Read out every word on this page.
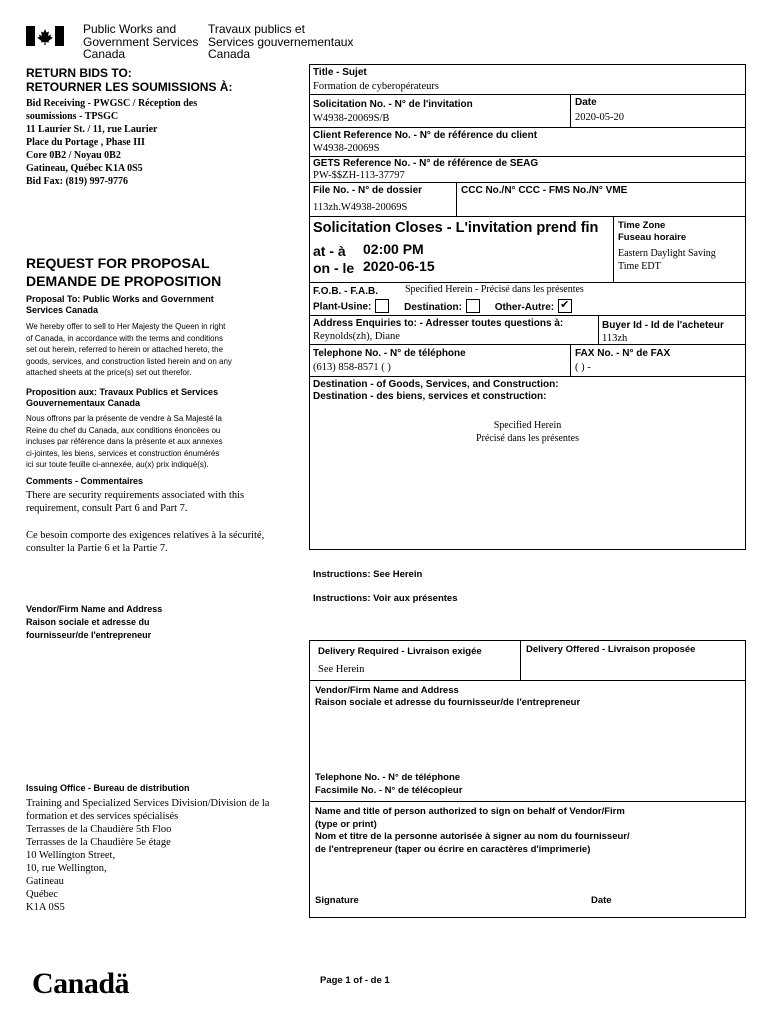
Public Works and
Government Services
Canada
Travaux publics et
Services gouvernementaux
Canada
RETURN BIDS TO:
RETOURNER LES SOUMISSIONS À:
Bid Receiving - PWGSC / Réception des
soumissions - TPSGC
11 Laurier St. / 11, rue Laurier
Place du Portage , Phase III
Core 0B2 / Noyau 0B2
Gatineau, Québec K1A 0S5
Bid Fax: (819) 997-9776
REQUEST FOR PROPOSAL
DEMANDE DE PROPOSITION
Proposal To: Public Works and Government
Services Canada
We hereby offer to sell to Her Majesty the Queen in right
of Canada, in accordance with the terms and conditions
set out herein, referred to herein or attached hereto, the
goods, services, and construction listed herein and on any
attached sheets at the price(s) set out therefor.
Proposition aux: Travaux Publics et Services
Gouvernementaux Canada
Nous offrons par la présente de vendre à Sa Majesté la
Reine du chef du Canada, aux conditions énoncées ou
incluses par référence dans la présente et aux annexes
ci-jointes, les biens, services et construction énumérés
ici sur toute feuille ci-annexée, au(x) prix indiqué(s).
Comments - Commentaires
There are security requirements associated with this
requirement, consult Part 6 and Part 7.
Ce besoin comporte des exigences relatives à la sécurité,
consulter la Partie 6 et la Partie 7.
Vendor/Firm Name and Address
Raison sociale et adresse du
fournisseur/de l'entrepreneur
Issuing Office - Bureau de distribution
Training and Specialized Services Division/Division de la
formation et des services spécialisés
Terrasses de la Chaudière 5th Floo
Terrasses de la Chaudière 5e étage
10 Wellington Street,
10, rue Wellington,
Gatineau
Québec
K1A 0S5
Title - Sujet
Formation de cyberopérateurs
Solicitation No. - N° de l'invitation
W4938-20069S/B
Date
2020-05-20
Client Reference No. - N° de référence du client
W4938-20069S
GETS Reference No. - N° de référence de SEAG
PW-$$ZH-113-37797
File No. - N° de dossier
113zh.W4938-20069S
CCC No./N° CCC - FMS No./N° VME
Solicitation Closes - L'invitation prend fin
at - à 02:00 PM
on - le 2020-06-15
Time Zone
Fuseau horaire
Eastern Daylight Saving
Time EDT
F.O.B. - F.A.B.	Specified Herein - Précisé dans les présentes
Plant-Usine:	Destination:	Other-Autre: ✔
Address Enquiries to: - Adresser toutes questions à:
Reynolds(zh), Diane
Buyer Id - Id de l'acheteur
113zh
Telephone No. - N° de téléphone
(613) 858-8571 ( )
FAX No. - N° de FAX
( ) -
Destination - of Goods, Services, and Construction:
Destination - des biens, services et construction:
Specified Herein
Précisé dans les présentes
Instructions: See Herein
Instructions: Voir aux présentes
Delivery Required - Livraison exigée
See Herein
Delivery Offered - Livraison proposée
Vendor/Firm Name and Address
Raison sociale et adresse du fournisseur/de l'entrepreneur
Telephone No. - N° de téléphone
Facsimile No. - N° de télécopieur
Name and title of person authorized to sign on behalf of Vendor/Firm
(type or print)
Nom et titre de la personne autorisée à signer au nom du fournisseur/
de l'entrepreneur (taper ou écrire en caractères d'imprimerie)
Signature	Date
Canadä	Page 1 of - de 1
